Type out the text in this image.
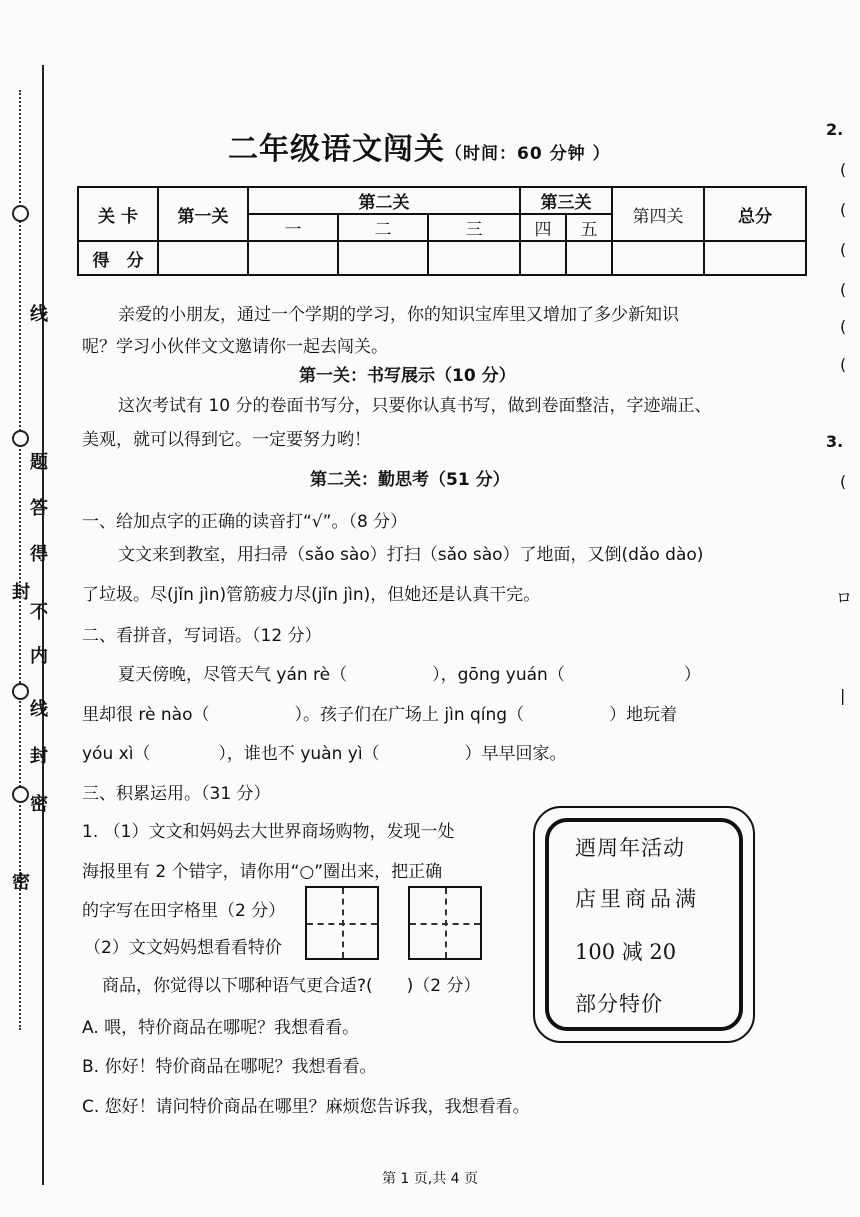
线
题
答
得
不
封
内
线
封
密
密
二年级语文闯关（时间：60 分钟 ）
关 卡	第一关	第二关			第三关		第四关	总分
		一	二	三	四	五		
得　分								
亲爱的小朋友，通过一个学期的学习，你的知识宝库里又增加了多少新知识
呢？学习小伙伴文文邀请你一起去闯关。
第一关：书写展示（10 分）
这次考试有 10 分的卷面书写分，只要你认真书写，做到卷面整洁，字迹端正、
美观，就可以得到它。一定要努力哟！
第二关：勤思考（51 分）
一、给加点字的正确的读音打“√”。（8 分）
文文来到教室，用扫帚（sǎo sào）打扫（sǎo sào）了地面，又倒(dǎo dào)
了垃圾。尽(jǐn jìn)管筋疲力尽(jǐn jìn)，但她还是认真干完。
二、看拼音，写词语。（12 分）
夏天傍晚，尽管天气 yán rè（　　　　　），gōng yuán（　　　　　　　）
里却很 rè nào（　　　　　）。孩子们在广场上 jìn qíng（　　　　　）地玩着
yóu xì（　　　　），谁也不 yuàn yì（　　　　　）早早回家。
三、积累运用。（31 分）
1. （1）文文和妈妈去大世界商场购物，发现一处
海报里有 2 个错字，请你用“○”圈出来，把正确
的字写在田字格里（2 分）
（2）文文妈妈想看看特价
商品，你觉得以下哪种语气更合适?(　　)（2 分）
A. 喂，特价商品在哪呢？我想看看。
B. 你好！特价商品在哪呢？我想看看。
C. 您好！请问特价商品在哪里？麻烦您告诉我，我想看看。
迺周年活动
店里商品满
100 减 20
部分特价
2.
(
(
(
(
(
(
3.
(
ロ
|
第 1 页,共 4 页
